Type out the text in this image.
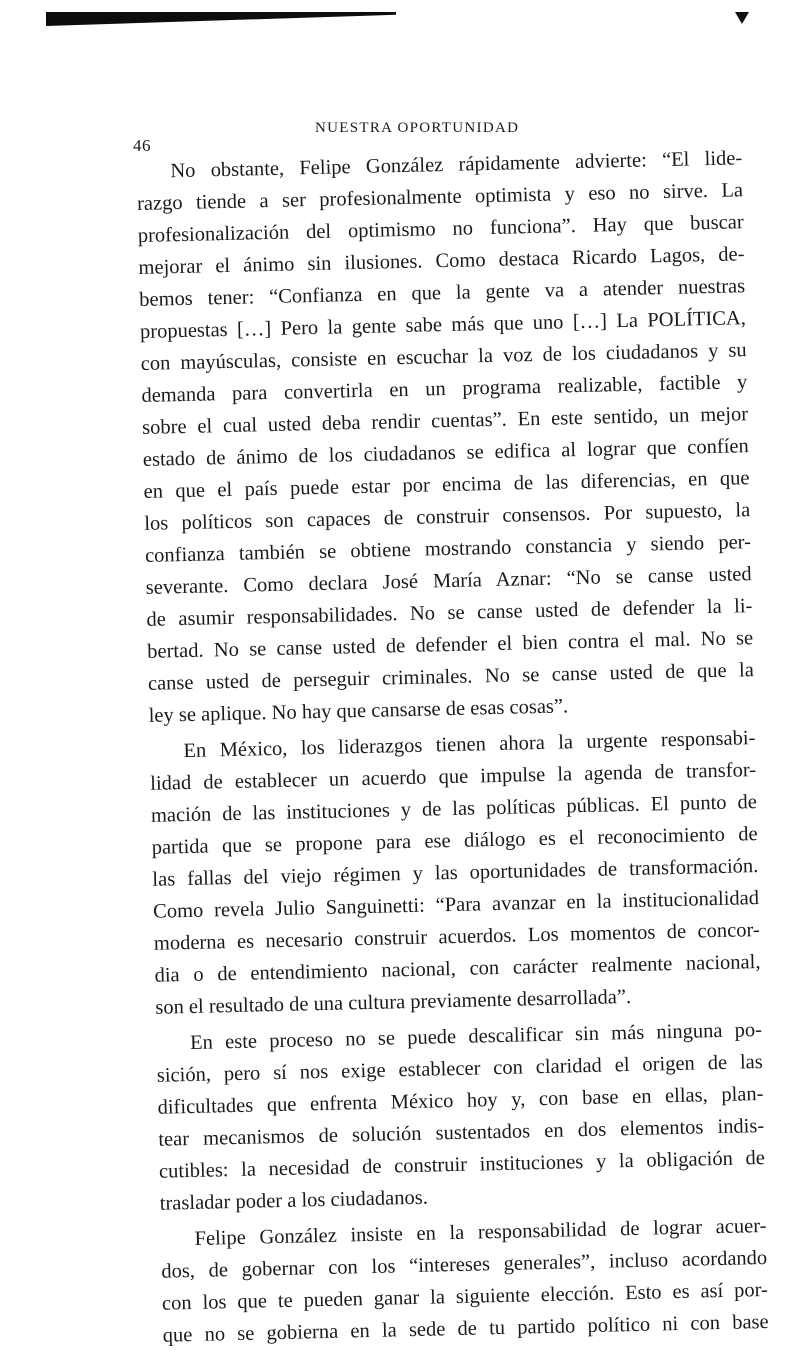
46
NUESTRA OPORTUNIDAD
No obstante, Felipe González rápidamente advierte: “El lide-
razgo tiende a ser profesionalmente optimista y eso no sirve. La
profesionalización del optimismo no funciona”. Hay que buscar
mejorar el ánimo sin ilusiones. Como destaca Ricardo Lagos, de-
bemos tener: “Confianza en que la gente va a atender nuestras
propuestas […] Pero la gente sabe más que uno […] La POLÍTICA,
con mayúsculas, consiste en escuchar la voz de los ciudadanos y su
demanda para convertirla en un programa realizable, factible y
sobre el cual usted deba rendir cuentas”. En este sentido, un mejor
estado de ánimo de los ciudadanos se edifica al lograr que confíen
en que el país puede estar por encima de las diferencias, en que
los políticos son capaces de construir consensos. Por supuesto, la
confianza también se obtiene mostrando constancia y siendo per-
severante. Como declara José María Aznar: “No se canse usted
de asumir responsabilidades. No se canse usted de defender la li-
bertad. No se canse usted de defender el bien contra el mal. No se
canse usted de perseguir criminales. No se canse usted de que la
ley se aplique. No hay que cansarse de esas cosas”.
En México, los liderazgos tienen ahora la urgente responsabi-
lidad de establecer un acuerdo que impulse la agenda de transfor-
mación de las instituciones y de las políticas públicas. El punto de
partida que se propone para ese diálogo es el reconocimiento de
las fallas del viejo régimen y las oportunidades de transformación.
Como revela Julio Sanguinetti: “Para avanzar en la institucionalidad
moderna es necesario construir acuerdos. Los momentos de concor-
dia o de entendimiento nacional, con carácter realmente nacional,
son el resultado de una cultura previamente desarrollada”.
En este proceso no se puede descalificar sin más ninguna po-
sición, pero sí nos exige establecer con claridad el origen de las
dificultades que enfrenta México hoy y, con base en ellas, plan-
tear mecanismos de solución sustentados en dos elementos indis-
cutibles: la necesidad de construir instituciones y la obligación de
trasladar poder a los ciudadanos.
Felipe González insiste en la responsabilidad de lograr acuer-
dos, de gobernar con los “intereses generales”, incluso acordando
con los que te pueden ganar la siguiente elección. Esto es así por-
que no se gobierna en la sede de tu partido político ni con base
